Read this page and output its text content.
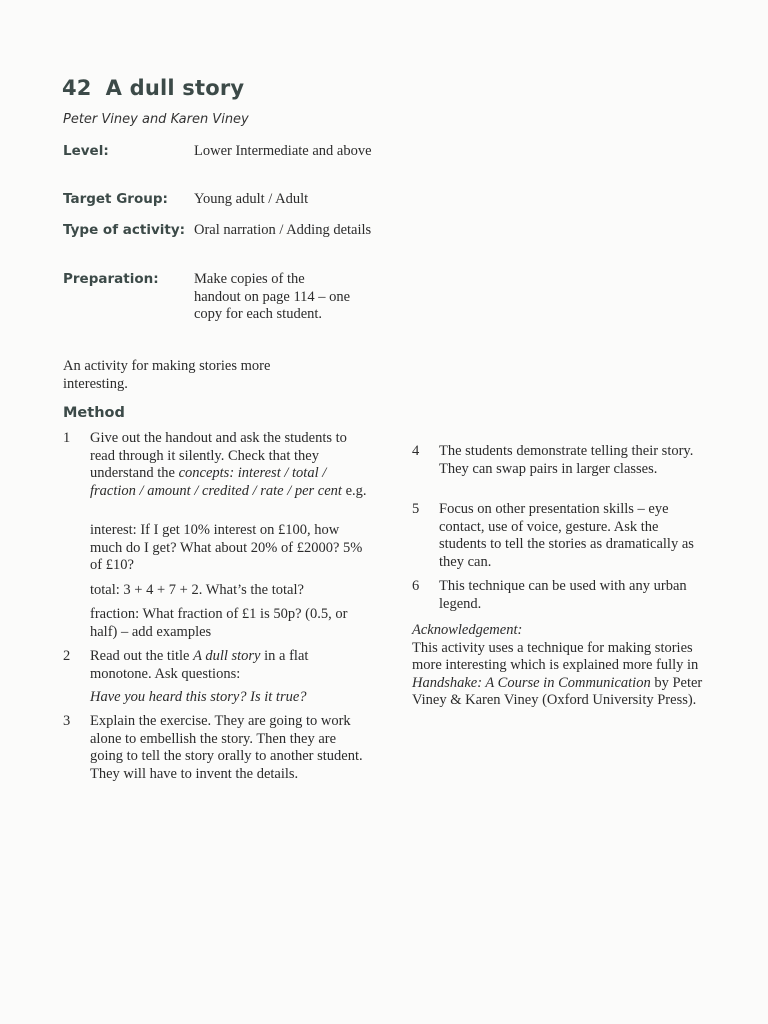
42 A dull story
Peter Viney and Karen Viney
Level:	Lower Intermediate and above
Target Group: Young adult / Adult
Type of activity: Oral narration / Adding details
Preparation: Make copies of the handout on page 114 – one copy for each student.
An activity for making stories more interesting.
Method
1 Give out the handout and ask the students to read through it silently. Check that they understand the concepts: interest / total / fraction / amount / credited / rate / per cent e.g.
interest: If I get 10% interest on £100, how much do I get? What about 20% of £2000? 5% of £10?
total: 3 + 4 + 7 + 2. What’s the total?
fraction: What fraction of £1 is 50p? (0.5, or half) – add examples
2 Read out the title A dull story in a flat monotone. Ask questions:
Have you heard this story? Is it true?
3 Explain the exercise. They are going to work alone to embellish the story. Then they are going to tell the story orally to another student. They will have to invent the details.
4 The students demonstrate telling their story. They can swap pairs in larger classes.
5 Focus on other presentation skills – eye contact, use of voice, gesture. Ask the students to tell the stories as dramatically as they can.
6 This technique can be used with any urban legend.
Acknowledgement:
This activity uses a technique for making stories more interesting which is explained more fully in Handshake: A Course in Communication by Peter Viney & Karen Viney (Oxford University Press).
